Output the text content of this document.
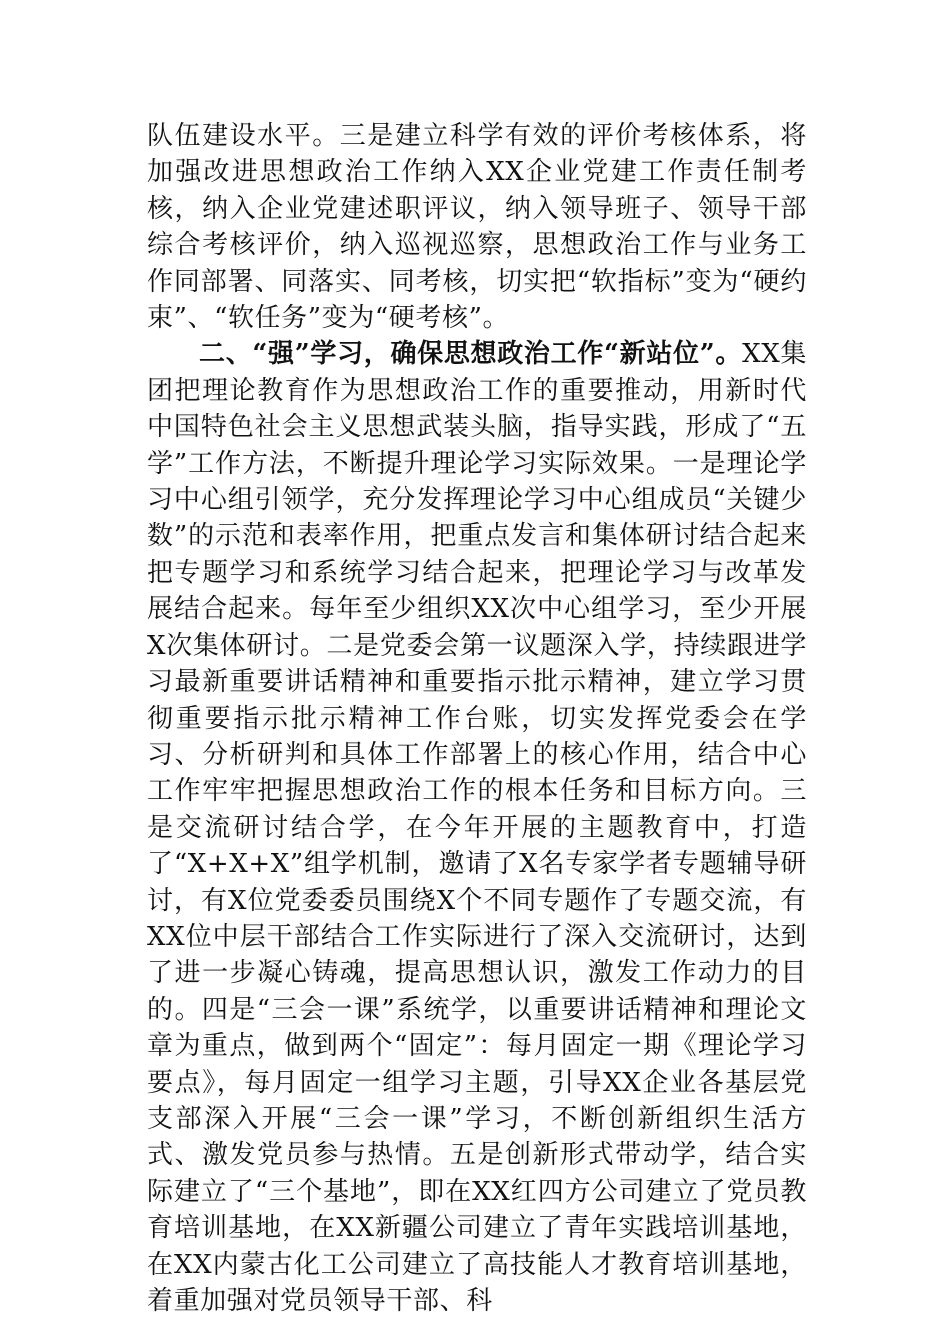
队伍建设水平。三是建立科学有效的评价考核体系，将加强改进思想政治工作纳入XX企业党建工作责任制考核，纳入企业党建述职评议，纳入领导班子、领导干部综合考核评价，纳入巡视巡察，思想政治工作与业务工作同部署、同落实、同考核，切实把“软指标”变为“硬约束”、“软任务”变为“硬考核”。

二、“强”学习，确保思想政治工作“新站位”。XX集团把理论教育作为思想政治工作的重要推动，用新时代中国特色社会主义思想武装头脑，指导实践，形成了“五学”工作方法，不断提升理论学习实际效果。一是理论学习中心组引领学，充分发挥理论学习中心组成员“关键少数”的示范和表率作用，把重点发言和集体研讨结合起来把专题学习和系统学习结合起来，把理论学习与改革发展结合起来。每年至少组织XX次中心组学习，至少开展X次集体研讨。二是党委会第一议题深入学，持续跟进学习最新重要讲话精神和重要指示批示精神，建立学习贯彻重要指示批示精神工作台账，切实发挥党委会在学习、分析研判和具体工作部署上的核心作用，结合中心工作牢牢把握思想政治工作的根本任务和目标方向。三是交流研讨结合学，在今年开展的主题教育中，打造了“X+X+X”组学机制，邀请了X名专家学者专题辅导研讨，有X位党委委员围绕X个不同专题作了专题交流，有XX位中层干部结合工作实际进行了深入交流研讨，达到了进一步凝心铸魂，提高思想认识，激发工作动力的目的。四是“三会一课”系统学，以重要讲话精神和理论文章为重点，做到两个“固定”：每月固定一期《理论学习要点》，每月固定一组学习主题，引导XX企业各基层党支部深入开展“三会一课”学习，不断创新组织生活方式、激发党员参与热情。五是创新形式带动学，结合实际建立了“三个基地”，即在XX红四方公司建立了党员教育培训基地，在XX新疆公司建立了青年实践培训基地，在XX内蒙古化工公司建立了高技能人才教育培训基地，着重加强对党员领导干部、科
